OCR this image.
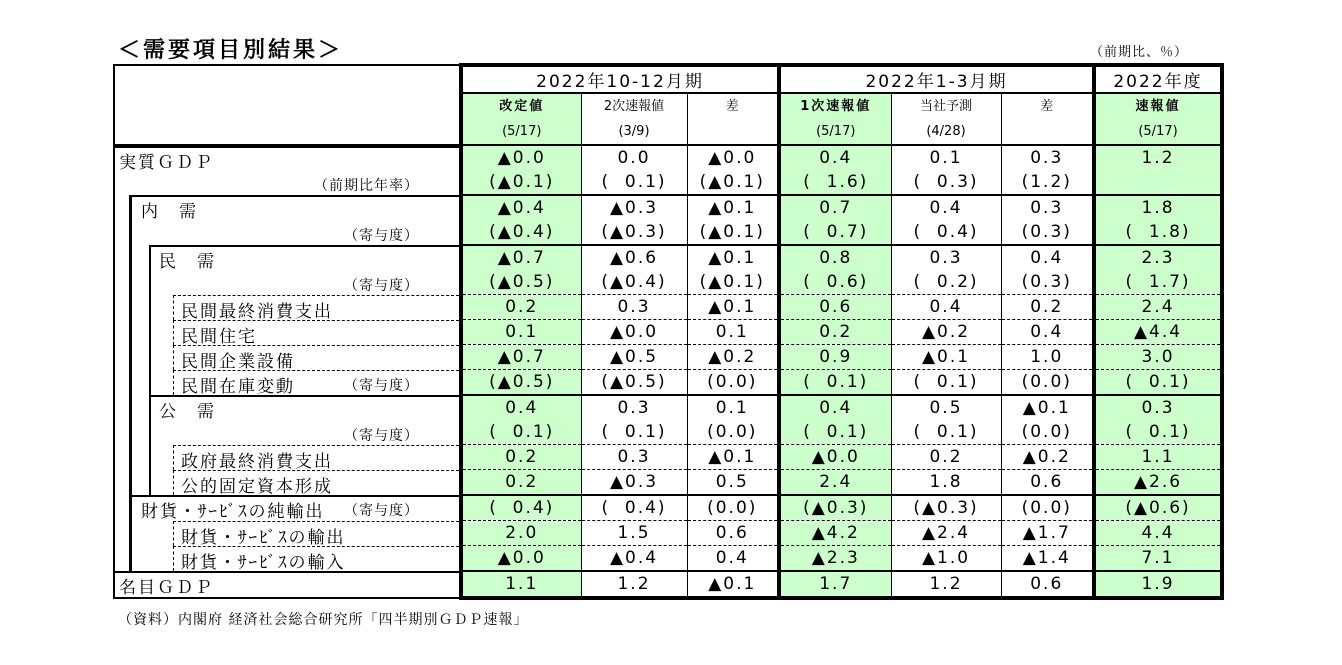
＜需要項目別結果＞	（前期比、％）
	2022年10-12月期			2022年1-3月期			2022年度
	改定値	2次速報値	差	1次速報値	当社予測	差	速報値
	(5/17)	(3/9)		(5/17)	(4/28)		(5/17)

実質ＧＤＰ	▲0.0	0.0	▲0.0	0.4	0.1	0.3	1.2

（前期比年率）	(▲0.1)	(  0.1)	(▲0.1)	(  1.6)	(  0.3)	(1.2)	

内　需	▲0.4	▲0.3	▲0.1	0.7	0.4	0.3	1.8

（寄与度）	(▲0.4)	(▲0.3)	(▲0.1)	(  0.7)	(  0.4)	(0.3)	(  1.8)

民　需	▲0.7	▲0.6	▲0.1	0.8	0.3	0.4	2.3

（寄与度）	(▲0.5)	(▲0.4)	(▲0.1)	(  0.6)	(  0.2)	(0.3)	(  1.7)

民間最終消費支出	0.2	0.3	▲0.1	0.6	0.4	0.2	2.4

民間住宅	0.1	▲0.0	0.1	0.2	▲0.2	0.4	▲4.4

民間企業設備	▲0.7	▲0.5	▲0.2	0.9	▲0.1	1.0	3.0

民間在庫変動 （寄与度）	(▲0.5)	(▲0.5)	(0.0)	(  0.1)	(  0.1)	(0.0)	(  0.1)

公　需	0.4	0.3	0.1	0.4	0.5	▲0.1	0.3

（寄与度）	(  0.1)	(  0.1)	(0.0)	(  0.1)	(  0.1)	(0.0)	(  0.1)

政府最終消費支出	0.2	0.3	▲0.1	▲0.0	0.2	▲0.2	1.1

公的固定資本形成	0.2	▲0.3	0.5	2.4	1.8	0.6	▲2.6

財貨・ｻｰﾋﾞｽの純輸出 （寄与度）	(  0.4)	(  0.4)	(0.0)	(▲0.3)	(▲0.3)	(0.0)	(▲0.6)

財貨・ｻｰﾋﾞｽの輸出	2.0	1.5	0.6	▲4.2	▲2.4	▲1.7	4.4

財貨・ｻｰﾋﾞｽの輸入	▲0.0	▲0.4	0.4	▲2.3	▲1.0	▲1.4	7.1

名目ＧＤＰ	1.1	1.2	▲0.1	1.7	1.2	0.6	1.9
（資料）内閣府 経済社会総合研究所「四半期別ＧＤＰ速報」
